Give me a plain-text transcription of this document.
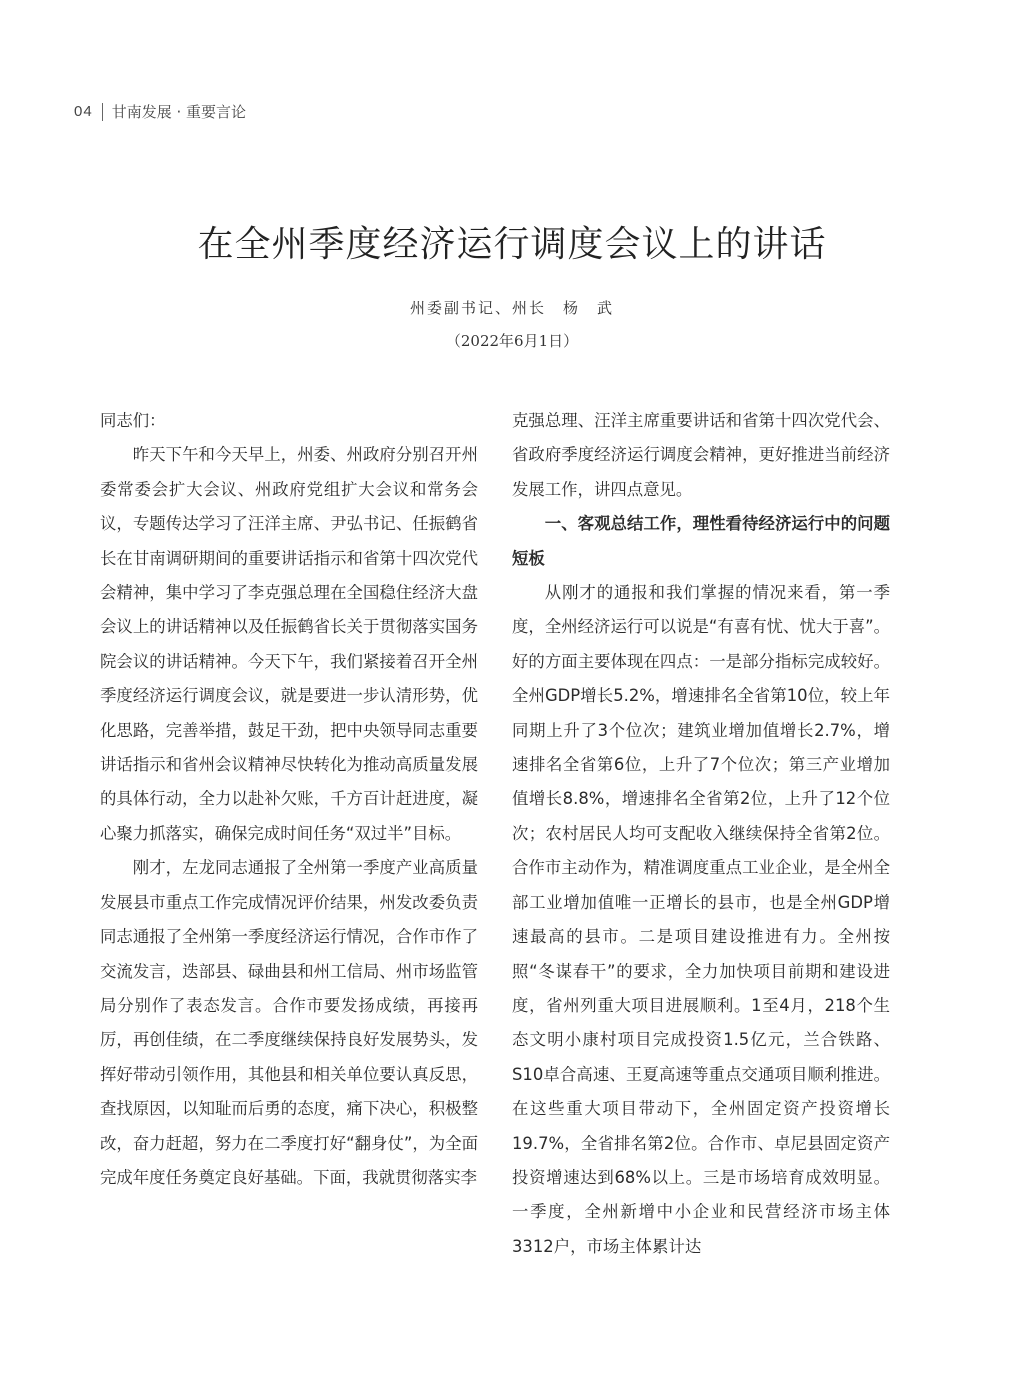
04 甘南发展 · 重要言论
在全州季度经济运行调度会议上的讲话
州委副书记、州长　杨　武
（2022年6月1日）

同志们：

昨天下午和今天早上，州委、州政府分别召开州委常委会扩大会议、州政府党组扩大会议和常务会议，专题传达学习了汪洋主席、尹弘书记、任振鹤省长在甘南调研期间的重要讲话指示和省第十四次党代会精神，集中学习了李克强总理在全国稳住经济大盘会议上的讲话精神以及任振鹤省长关于贯彻落实国务院会议的讲话精神。今天下午，我们紧接着召开全州季度经济运行调度会议，就是要进一步认清形势，优化思路，完善举措，鼓足干劲，把中央领导同志重要讲话指示和省州会议精神尽快转化为推动高质量发展的具体行动，全力以赴补欠账，千方百计赶进度，凝心聚力抓落实，确保完成时间任务“双过半”目标。

刚才，左龙同志通报了全州第一季度产业高质量发展县市重点工作完成情况评价结果，州发改委负责同志通报了全州第一季度经济运行情况，合作市作了交流发言，迭部县、碌曲县和州工信局、州市场监管局分别作了表态发言。合作市要发扬成绩，再接再厉，再创佳绩，在二季度继续保持良好发展势头，发挥好带动引领作用，其他县和相关单位要认真反思，查找原因，以知耻而后勇的态度，痛下决心，积极整改，奋力赶超，努力在二季度打好“翻身仗”，为全面完成年度任务奠定良好基础。下面，我就贯彻落实李

克强总理、汪洋主席重要讲话和省第十四次党代会、省政府季度经济运行调度会精神，更好推进当前经济发展工作，讲四点意见。

一、客观总结工作，理性看待经济运行中的问题短板

从刚才的通报和我们掌握的情况来看，第一季度，全州经济运行可以说是“有喜有忧、忧大于喜”。好的方面主要体现在四点：一是部分指标完成较好。全州GDP增长5.2%，增速排名全省第10位，较上年同期上升了3个位次；建筑业增加值增长2.7%，增速排名全省第6位，上升了7个位次；第三产业增加值增长8.8%，增速排名全省第2位，上升了12个位次；农村居民人均可支配收入继续保持全省第2位。合作市主动作为，精准调度重点工业企业，是全州全部工业增加值唯一正增长的县市，也是全州GDP增速最高的县市。二是项目建设推进有力。全州按照“冬谋春干”的要求，全力加快项目前期和建设进度，省州列重大项目进展顺利。1至4月，218个生态文明小康村项目完成投资1.5亿元，兰合铁路、S10卓合高速、王夏高速等重点交通项目顺利推进。在这些重大项目带动下，全州固定资产投资增长19.7%，全省排名第2位。合作市、卓尼县固定资产投资增速达到68%以上。三是市场培育成效明显。一季度，全州新增中小企业和民营经济市场主体3312户，市场主体累计达
